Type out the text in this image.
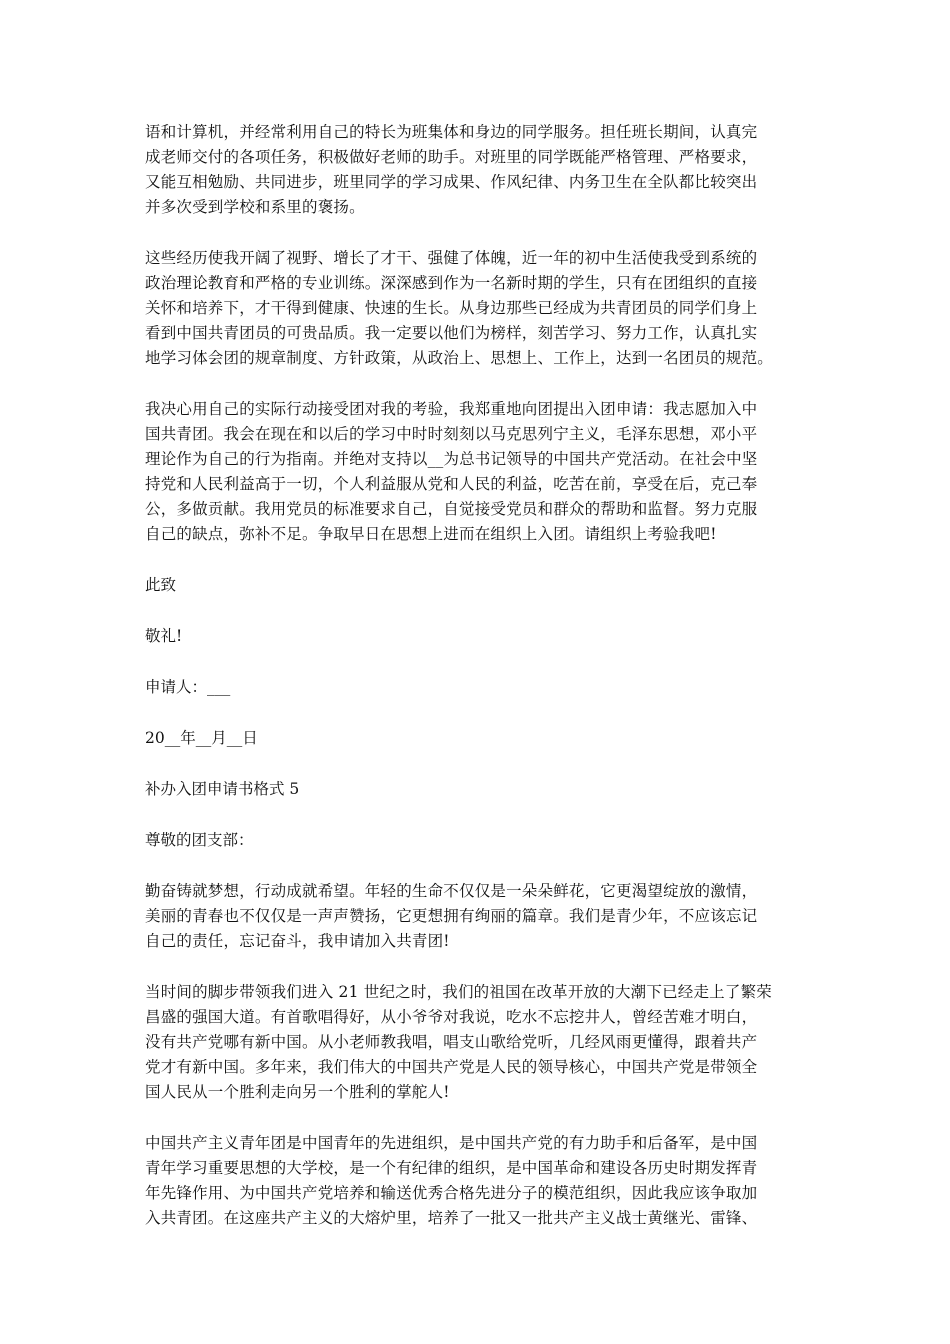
语和计算机，并经常利用自己的特长为班集体和身边的同学服务。担任班长期间，认真完
成老师交付的各项任务，积极做好老师的助手。对班里的同学既能严格管理、严格要求，
又能互相勉励、共同进步，班里同学的学习成果、作风纪律、内务卫生在全队都比较突出
并多次受到学校和系里的褒扬。
这些经历使我开阔了视野、增长了才干、强健了体魄，近一年的初中生活使我受到系统的
政治理论教育和严格的专业训练。深深感到作为一名新时期的学生，只有在团组织的直接
关怀和培养下，才干得到健康、快速的生长。从身边那些已经成为共青团员的同学们身上
看到中国共青团员的可贵品质。我一定要以他们为榜样，刻苦学习、努力工作，认真扎实
地学习体会团的规章制度、方针政策，从政治上、思想上、工作上，达到一名团员的规范。
我决心用自己的实际行动接受团对我的考验，我郑重地向团提出入团申请：我志愿加入中
国共青团。我会在现在和以后的学习中时时刻刻以马克思列宁主义，毛泽东思想，邓小平
理论作为自己的行为指南。并绝对支持以__为总书记领导的中国共产党活动。在社会中坚
持党和人民利益高于一切，个人利益服从党和人民的利益，吃苦在前，享受在后，克己奉
公，多做贡献。我用党员的标准要求自己，自觉接受党员和群众的帮助和监督。努力克服
自己的缺点，弥补不足。争取早日在思想上进而在组织上入团。请组织上考验我吧!
此致
敬礼!
申请人：___
20__年__月__日
补办入团申请书格式 5
尊敬的团支部：
勤奋铸就梦想，行动成就希望。年轻的生命不仅仅是一朵朵鲜花，它更渴望绽放的激情，
美丽的青春也不仅仅是一声声赞扬，它更想拥有绚丽的篇章。我们是青少年，不应该忘记
自己的责任，忘记奋斗，我申请加入共青团!
当时间的脚步带领我们进入 21 世纪之时，我们的祖国在改革开放的大潮下已经走上了繁荣
昌盛的强国大道。有首歌唱得好，从小爷爷对我说，吃水不忘挖井人，曾经苦难才明白，
没有共产党哪有新中国。从小老师教我唱，唱支山歌给党听，几经风雨更懂得，跟着共产
党才有新中国。多年来，我们伟大的中国共产党是人民的领导核心，中国共产党是带领全
国人民从一个胜利走向另一个胜利的掌舵人!
中国共产主义青年团是中国青年的先进组织，是中国共产党的有力助手和后备军，是中国
青年学习重要思想的大学校，是一个有纪律的组织，是中国革命和建设各历史时期发挥青
年先锋作用、为中国共产党培养和输送优秀合格先进分子的模范组织，因此我应该争取加
入共青团。在这座共产主义的大熔炉里，培养了一批又一批共产主义战士黄继光、雷锋、
